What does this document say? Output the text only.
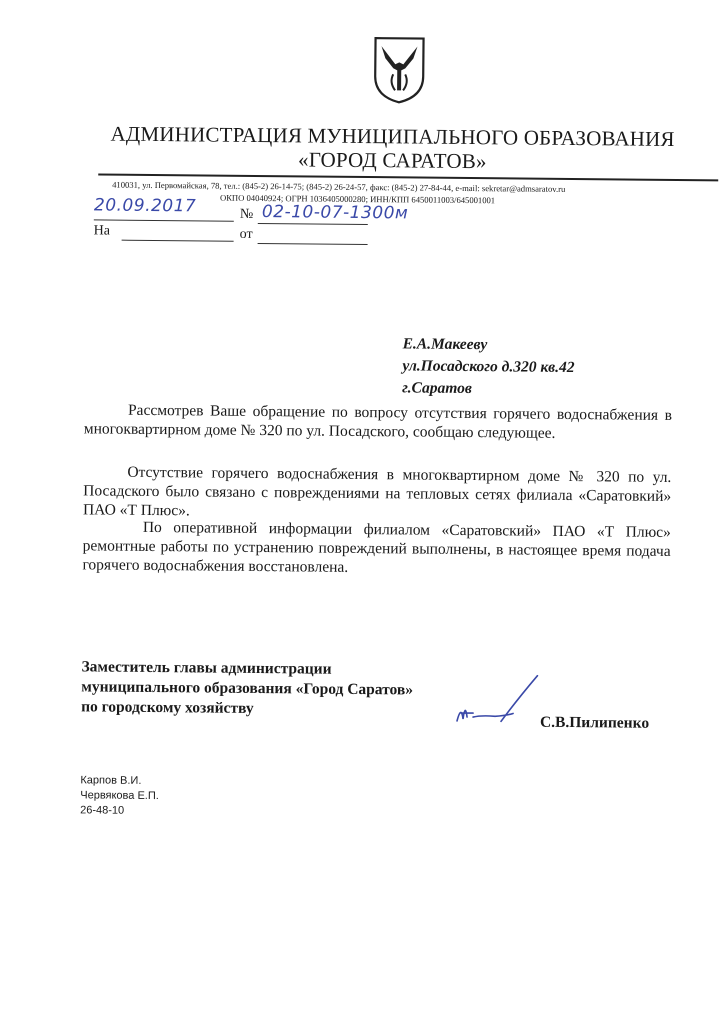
АДМИНИСТРАЦИЯ МУНИЦИПАЛЬНОГО ОБРАЗОВАНИЯ
«ГОРОД САРАТОВ»
410031, ул. Первомайская, 78, тел.: (845-2) 26-14-75; (845-2) 26-24-57, факс: (845-2) 27-84-44, e-mail: sekretar@admsaratov.ru
ОКПО 04040924; ОГРН 1036405000280; ИНН/КПП 6450011003/645001001
20.09.2017	№ 02-10-07-1300м
На	от
Е.А.Макееву
ул.Посадского д.320 кв.42
г.Саратов
Рассмотрев Ваше обращение по вопросу отсутствия горячего водоснабжения в многоквартирном доме № 320 по ул. Посадского, сообщаю следующее.
Отсутствие горячего водоснабжения в многоквартирном доме № 320 по ул. Посадского было связано с повреждениями на тепловых сетях филиала «Саратовкий» ПАО «Т Плюс».
По оперативной информации филиалом «Саратовский» ПАО «Т Плюс» ремонтные работы по устранению повреждений выполнены, в настоящее время подача горячего водоснабжения восстановлена.
Заместитель главы администрации
муниципального образования «Город Саратов»
по городскому хозяйству
С.В.Пилипенко
Карпов В.И.
Червякова Е.П.
26-48-10
